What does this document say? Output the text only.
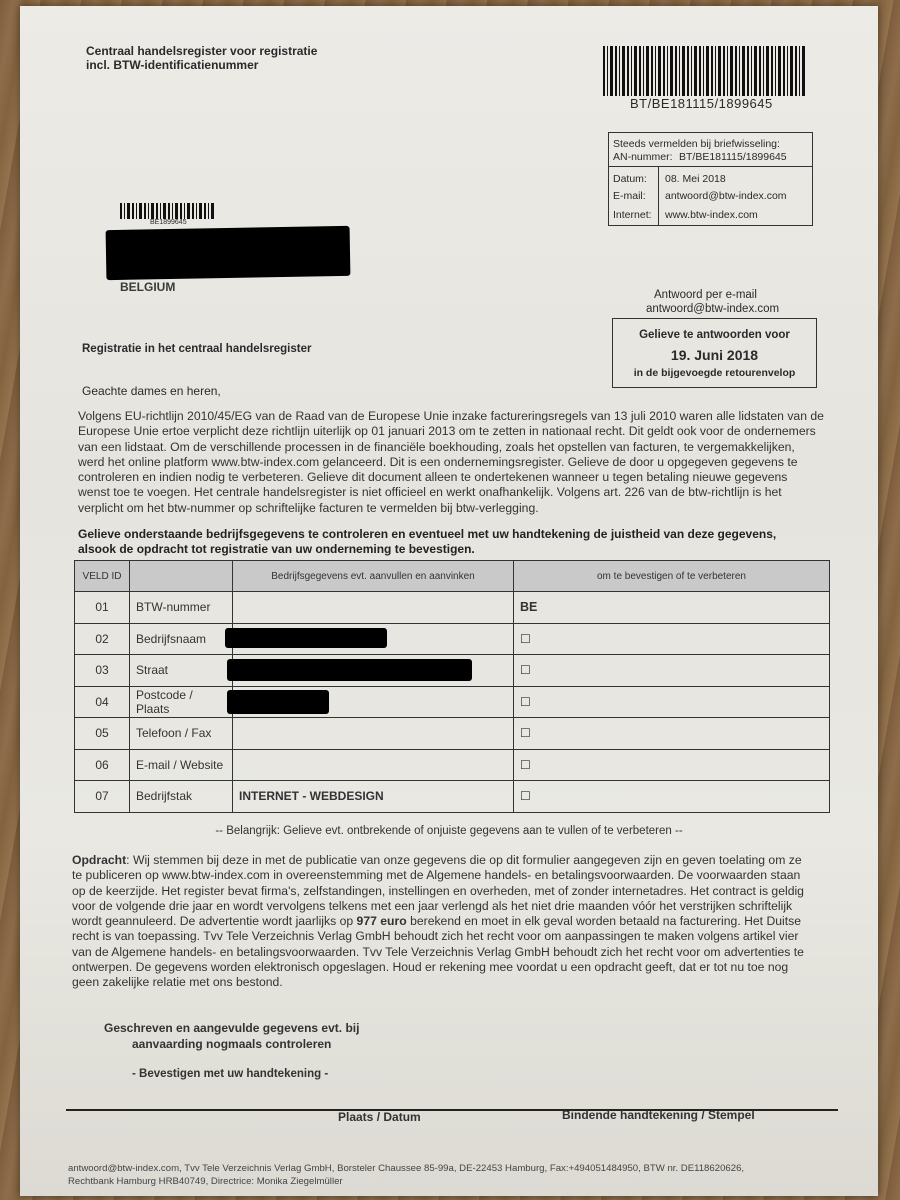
Centraal handelsregister voor registratie
incl. BTW-identificatienummer
BT/BE181115/1899645
Steeds vermelden bij briefwisseling:
AN-nummer: BT/BE181115/1899645
Datum: 08. Mei 2018
E-mail: antwoord@btw-index.com
Internet: www.btw-index.com
BE1899645
BELGIUM
Antwoord per e-mail
antwoord@btw-index.com
Gelieve te antwoorden voor
19. Juni 2018
in de bijgevoegde retourenvelop
Registratie in het centraal handelsregister
Geachte dames en heren,
Volgens EU-richtlijn 2010/45/EG van de Raad van de Europese Unie inzake factureringsregels van 13 juli 2010 waren alle lidstaten van de
Europese Unie ertoe verplicht deze richtlijn uiterlijk op 01 januari 2013 om te zetten in nationaal recht. Dit geldt ook voor de ondernemers
van een lidstaat. Om de verschillende processen in de financiële boekhouding, zoals het opstellen van facturen, te vergemakkelijken,
werd het online platform www.btw-index.com gelanceerd. Dit is een ondernemingsregister. Gelieve de door u opgegeven gegevens te
controleren en indien nodig te verbeteren. Gelieve dit document alleen te ondertekenen wanneer u tegen betaling nieuwe gegevens
wenst toe te voegen. Het centrale handelsregister is niet officieel en werkt onafhankelijk. Volgens art. 226 van de btw-richtlijn is het
verplicht om het btw-nummer op schriftelijke facturen te vermelden bij btw-verlegging.
Gelieve onderstaande bedrijfsgegevens te controleren en eventueel met uw handtekening de juistheid van deze gegevens,
alsook de opdracht tot registratie van uw onderneming te bevestigen.
VELD ID		Bedrijfsgegevens evt. aanvullen en aanvinken	om te bevestigen of te verbeteren
01	BTW-nummer		BE
02	Bedrijfsnaam		☐
03	Straat		☐
04	Postcode / Plaats		☐
05	Telefoon / Fax		☐
06	E-mail / Website		☐
07	Bedrijfstak	INTERNET - WEBDESIGN	☐
-- Belangrijk: Gelieve evt. ontbrekende of onjuiste gegevens aan te vullen of te verbeteren --
Opdracht: Wij stemmen bij deze in met de publicatie van onze gegevens die op dit formulier aangegeven zijn en geven toelating om ze
te publiceren op www.btw-index.com in overeenstemming met de Algemene handels- en betalingsvoorwaarden. De voorwaarden staan
op de keerzijde. Het register bevat firma's, zelfstandingen, instellingen en overheden, met of zonder internetadres. Het contract is geldig
voor de volgende drie jaar en wordt vervolgens telkens met een jaar verlengd als het niet drie maanden vóór het verstrijken schriftelijk
wordt geannuleerd. De advertentie wordt jaarlijks op 977 euro berekend en moet in elk geval worden betaald na facturering. Het Duitse
recht is van toepassing. Tvv Tele Verzeichnis Verlag GmbH behoudt zich het recht voor om aanpassingen te maken volgens artikel vier
van de Algemene handels- en betalingsvoorwaarden. Tvv Tele Verzeichnis Verlag GmbH behoudt zich het recht voor om advertenties te
ontwerpen. De gegevens worden elektronisch opgeslagen. Houd er rekening mee voordat u een opdracht geeft, dat er tot nu toe nog
geen zakelijke relatie met ons bestond.
Geschreven en aangevulde gegevens evt. bij
aanvaarding nogmaals controleren
- Bevestigen met uw handtekening -
Plaats / Datum	Bindende handtekening / Stempel
antwoord@btw-index.com, Tvv Tele Verzeichnis Verlag GmbH, Borsteler Chaussee 85-99a, DE-22453 Hamburg, Fax:+494051484950, BTW nr. DE118620626,
Rechtbank Hamburg HRB40749, Directrice: Monika Ziegelmüller
